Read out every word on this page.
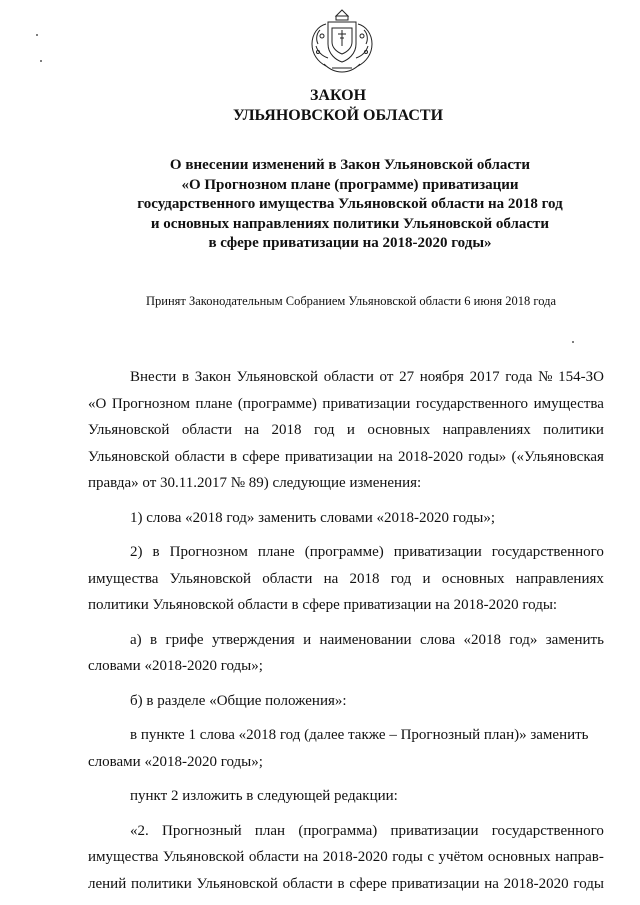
ЗАКОН
УЛЬЯНОВСКОЙ ОБЛАСТИ
О внесении изменений в Закон Ульяновской области
«О Прогнозном плане (программе) приватизации
государственного имущества Ульяновской области на 2018 год
и основных направлениях политики Ульяновской области
в сфере приватизации на 2018-2020 годы»
Принят Законодательным Собранием Ульяновской области 6 июня 2018 года
Внести в Закон Ульяновской области от 27 ноября 2017 года № 154-ЗО
«О Прогнозном плане (программе) приватизации государственного имущества
Ульяновской области на 2018 год и основных направлениях политики
Ульяновской области в сфере приватизации на 2018-2020 годы» («Ульяновская
правда» от 30.11.2017 № 89) следующие изменения:
1) слова «2018 год» заменить словами «2018-2020 годы»;
2) в Прогнозном плане (программе) приватизации государственного
имущества Ульяновской области на 2018 год и основных направлениях
политики Ульяновской области в сфере приватизации на 2018-2020 годы:
а) в грифе утверждения и наименовании слова «2018 год» заменить
словами «2018-2020 годы»;
б) в разделе «Общие положения»:
в пункте 1 слова «2018 год (далее также – Прогнозный план)» заменить
словами «2018-2020 годы»;
пункт 2 изложить в следующей редакции:
«2. Прогнозный план (программа) приватизации государственного
имущества Ульяновской области на 2018-2020 годы с учётом основных направ-
лений политики Ульяновской области в сфере приватизации на 2018-2020 годы
